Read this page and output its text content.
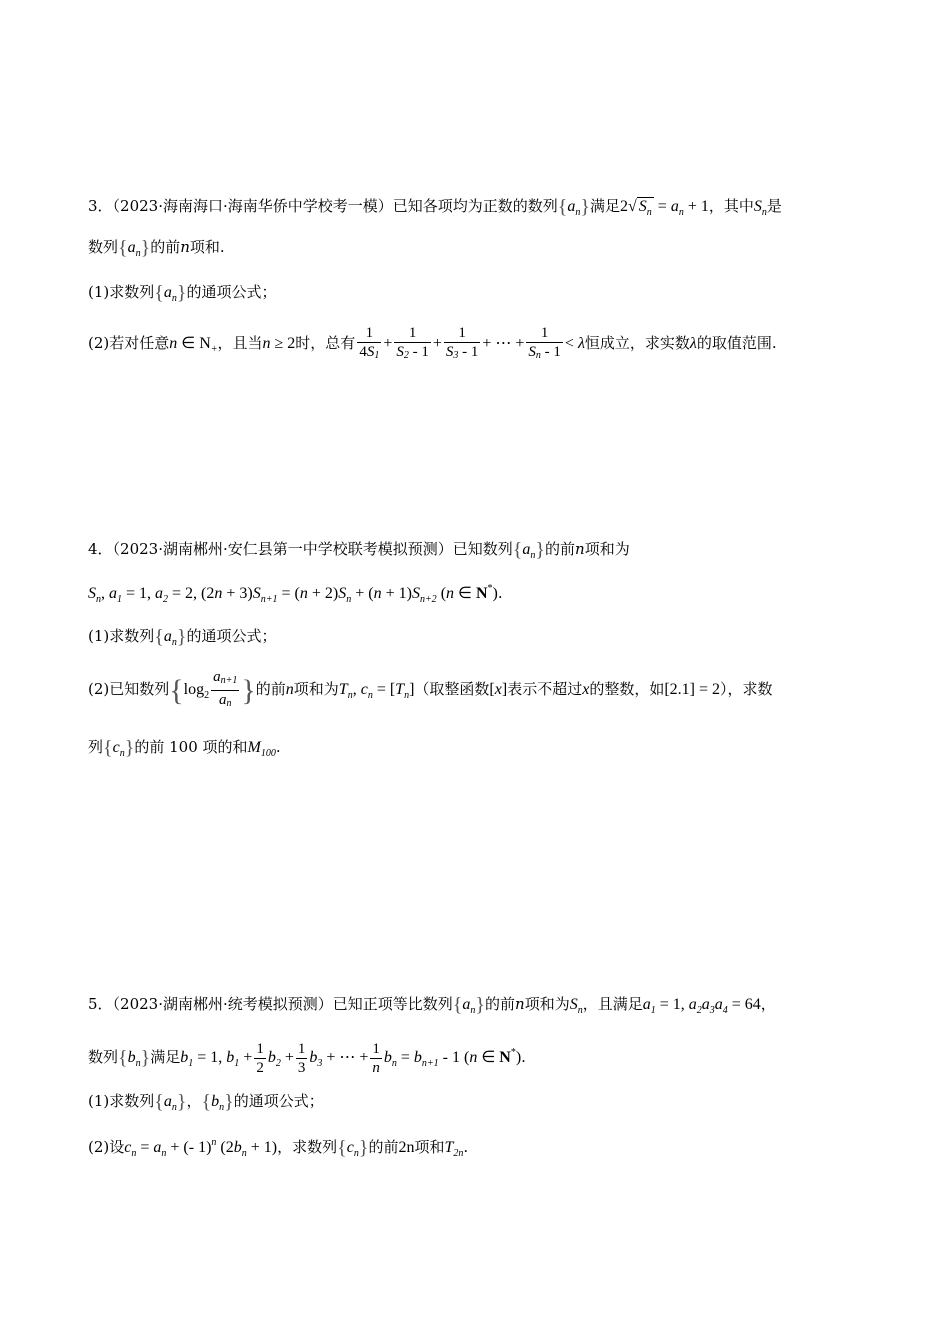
3．（2023·海南海口·海南华侨中学校考一模）已知各项均为正数的数列$\{a_n\}$满足2√ $S_n = a_n + 1$，其中$S_n$是
数列$\{a_n\}$的前n项和.
(1)求数列$\{a_n\}$的通项公式；
(2)若对任意n ∈ $N_+$，且当n ≥ 2时，总有 $\frac{1}{4S_1} + \frac{1}{S_2 - 1} + \frac{1}{S_3 - 1}$ + ⋯ + $\frac{1}{S_n - 1} < \lambda$恒成立，求实数λ的取值范围.
4．（2023·湖南郴州·安仁县第一中学校联考模拟预测）已知数列$\{a_n\}$的前n项和为
$S_n$, $a_1 = 1$, $a_2 = 2$, $(2n + 3)S_{n+1} = (n + 2)S_n + (n + 1)S_{n+2}$ (n ∈ N*).
(1)求数列$\{a_n\}$的通项公式；
(2)已知数列{$\log_2 \frac{a_{n+1}}{a_n}$ }的前n项和为$T_n$, $c_n = [T_n]$（取整函数[x]表示不超过x的整数，如[2.1] = 2），求数
列$\{c_n\}$的前 100 项的和$M_{100}$.
5．（2023·湖南郴州·统考模拟预测）已知正项等比数列$\{a_n\}$的前n项和为$S_n$，且满足$a_1 = 1$, $a_2a_3a_4 = 64$，
数列$\{b_n\}$满足$b_1 = 1$, $b_1 + \frac{1}{2} b_2 + \frac{1}{3} b_3$ + ⋯ + $\frac{1}{n} b_n = b_{n+1} - 1$ (n ∈ N*).
(1)求数列$\{a_n\}$，$\{b_n\}$的通项公式；
(2)设$c_n = a_n$ + (- 1)$^n$ $(2b_n + 1)$，求数列$\{c_n\}$的前2n项和$T_{2n}$.
